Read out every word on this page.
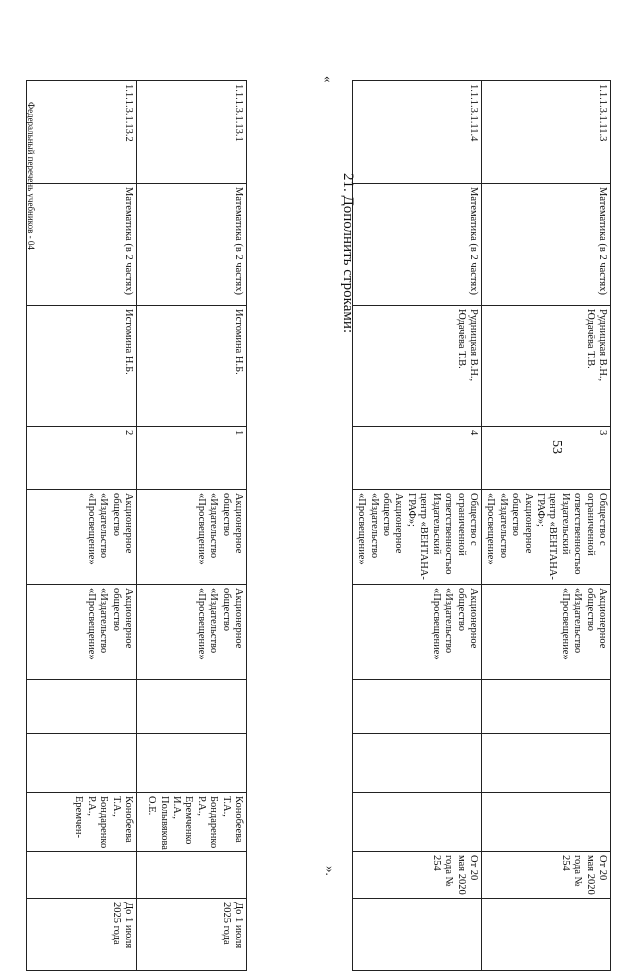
53
1.1.1.3.1.11.3	Математика (в 2 частях)	Рудницкая В.Н., Юдачёва Т.В.	3	Общество с ограниченной ответственностью Издательский центр «ВЕНТАНА-ГРАФ»; Акционерное общество «Издательство «Просвещение»	Акционерное общество «Издательство «Просвещение»				От 20 мая 2020 года № 254	
1.1.1.3.1.11.4	Математика (в 2 частях)	Рудницкая В.Н., Юдачёва Т.В.	4	Общество с ограниченной ответственностью Издательский центр «ВЕНТАНА-ГРАФ»; Акционерное общество «Издательство «Просвещение»	Акционерное общество «Издательство «Просвещение»				От 20 мая 2020 года № 254	
21. Дополнить строками:
«
1.1.1.3.1.13.1	Математика (в 2 частях)	Истомина Н.Б.	1	Акционерное общество «Издательство «Просвещение»	Акционерное общество «Издательство «Просвещение»			Конобеева Т.А., Бондаренко Р.А., Еремченко И.А., Полывякова О.Е.		До 1 июля 2025 года
1.1.1.3.1.13.2	Математика (в 2 частях)	Истомина Н.Б.	2	Акционерное общество «Издательство «Просвещение»	Акционерное общество «Издательство «Просвещение»			Конобеева Т.А., Бондаренко Р.А., Еремчен-		До 1 июля 2025 года
».
Федеральный перечень учебников - 04
